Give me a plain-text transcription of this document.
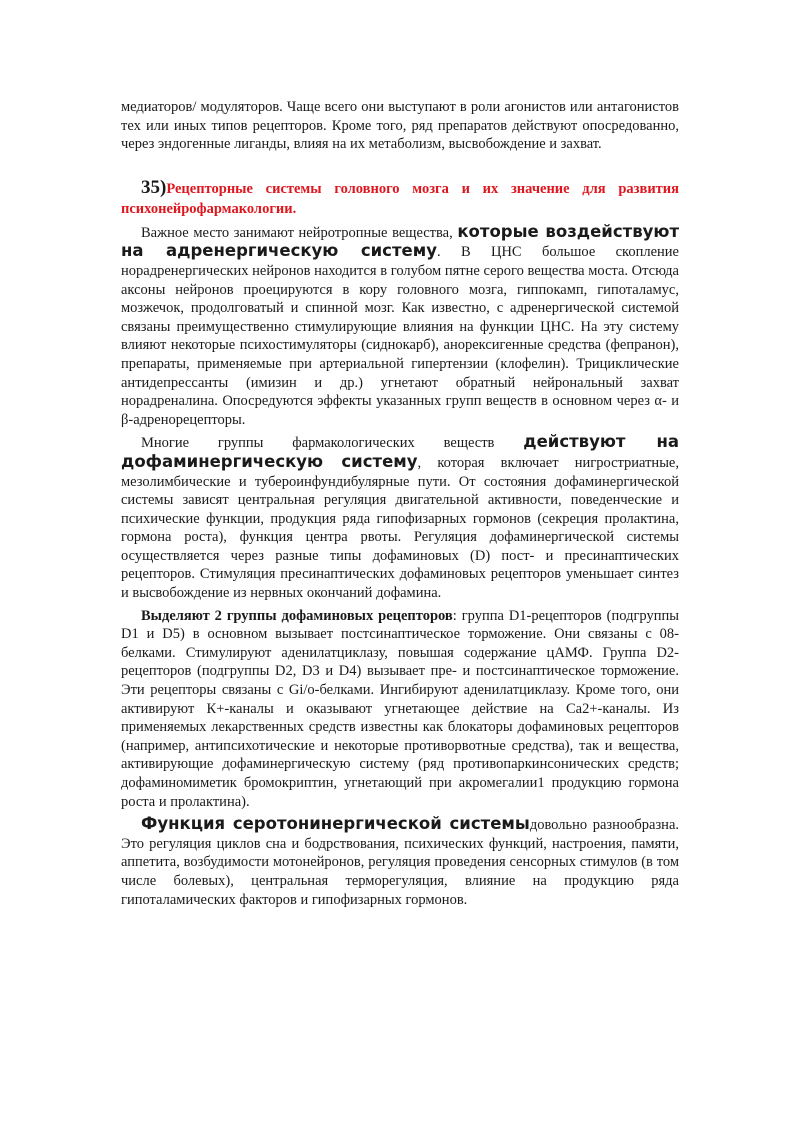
медиаторов/ модуляторов. Чаще всего они выступают в роли агонистов или антагонистов тех или иных типов рецепторов. Кроме того, ряд препаратов действуют опосредованно, через эндогенные лиганды, влияя на их метаболизм, высвобождение и захват.

35)Рецепторные системы головного мозга и их значение для развития психонейрофармакологии.

Важное место занимают нейротропные вещества, которые воздействуют на адренергическую систему. В ЦНС большое скопление норадренергических нейронов находится в голубом пятне серого вещества моста. Отсюда аксоны нейронов проецируются в кору головного мозга, гиппокамп, гипоталамус, мозжечок, продолговатый и спинной мозг. Как известно, с адренергической системой связаны преимущественно стимулирующие влияния на функции ЦНС. На эту систему влияют некоторые психостимуляторы (сиднокарб), анорексигенные средства (фепранон), препараты, применяемые при артериальной гипертензии (клофелин). Трициклические антидепрессанты (имизин и др.) угнетают обратный нейрональный захват норадреналина. Опосредуются эффекты указанных групп веществ в основном через α- и β-адренорецепторы.

Многие группы фармакологических веществ действуют на дофаминергическую систему, которая включает нигростриатные, мезолимбические и тубероинфундибулярные пути. От состояния дофаминергической системы зависят центральная регуляция двигательной активности, поведенческие и психические функции, продукция ряда гипофизарных гормонов (секреция пролактина, гормона роста), функция центра рвоты. Регуляция дофаминергической системы осуществляется через разные типы дофаминовых (D) пост- и пресинаптических рецепторов. Стимуляция пресинаптических дофаминовых рецепторов уменьшает синтез и высвобождение из нервных окончаний дофамина.

Выделяют 2 группы дофаминовых рецепторов: группа D1-рецепторов (подгруппы D1 и D5) в основном вызывает постсинаптическое торможение. Они связаны с 08-белками. Стимулируют аденилатциклазу, повышая содержание цАМФ. Группа D2-рецепторов (подгруппы D2, D3 и D4) вызывает пре- и постсинаптическое торможение. Эти рецепторы связаны с Gi/o-белками. Ингибируют аденилатциклазу. Кроме того, они активируют К+-каналы и оказывают угнетающее действие на Са2+-каналы. Из применяемых лекарственных средств известны как блокаторы дофаминовых рецепторов (например, антипсихотические и некоторые противорвотные средства), так и вещества, активирующие дофаминергическую систему (ряд противопаркинсонических средств; дофаминомиметик бромокриптин, угнетающий при акромегалии1 продукцию гормона роста и пролактина).

Функция серотонинергической системыдовольно разнообразна. Это регуляция циклов сна и бодрствования, психических функций, настроения, памяти, аппетита, возбудимости мотонейронов, регуляция проведения сенсорных стимулов (в том числе болевых), центральная терморегуляция, влияние на продукцию ряда гипоталамических факторов и гипофизарных гормонов.
